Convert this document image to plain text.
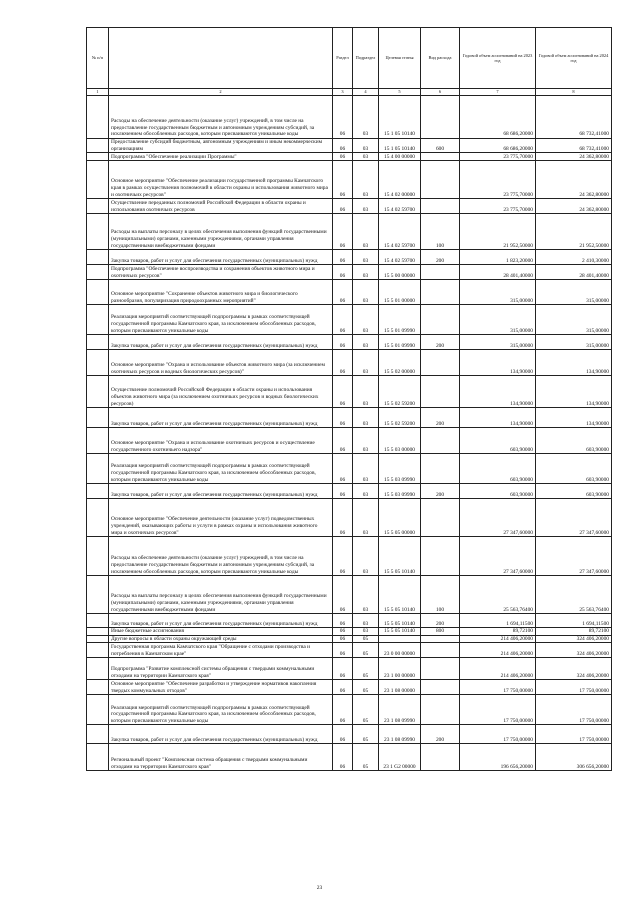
№ п/п		Раздел	Подраздел	Целевая статья	Вид расхода	Годовой объем ассигнований на 2023 год	Годовой объем ассигнований на 2024 год
1	2	3	4	5	6	7	8
	Расходы на обеспечение деятельности (оказание услуг) учреждений, в том числе на предоставление государственным бюджетным и автономным учреждениям субсидий, за исключением обособленных расходов, которым присваиваются уникальные коды	06	03	15 1 05 10140		68 686,20000	68 732,41000
	Предоставление субсидий бюджетным, автономным учреждениям и иным некоммерческим организациям	06	03	15 1 05 10140	600	68 686,20000	68 732,41000
	Подпрограмма "Обеспечение реализации Программы"	06	03	15 4 00 00000		23 775,70000	24 362,80000
	Основное мероприятие "Обеспечение реализации государственной программы Камчатского края в рамках осуществления полномочий в области охраны и использования животного мира и охотничьих ресурсов"	06	03	15 4 02 00000		23 775,70000	24 362,80000
	Осуществление переданных полномочий Российской Федерации в области охраны и использования охотничьих ресурсов	06	03	15 4 02 59700		23 775,70000	24 362,80000
	Расходы на выплаты персоналу в целях обеспечения выполнения функций государственными (муниципальными) органами, казенными учреждениями, органами управления государственными внебюджетными фондами	06	03	15 4 02 59700	100	21 952,50000	21 952,50000
	Закупка товаров, работ и услуг для обеспечения государственных (муниципальных) нужд	06	03	15 4 02 59700	200	1 823,20000	2 410,30000
	Подпрограмма "Обеспечение воспроизводства и сохранения объектов животного мира и охотничьих ресурсов"	06	03	15 5 00 00000		28 401,40000	28 401,40000
	Основное мероприятие "Сохранение объектов животного мира и биологического разнообразия, популяризация природоохранных мероприятий"	06	03	15 5 01 00000		315,00000	315,00000
	Реализация мероприятий соответствующей подпрограммы в рамках соответствующей государственной программы Камчатского края, за исключением обособленных расходов, которым присваиваются уникальные коды	06	03	15 5 01 09990		315,00000	315,00000
	Закупка товаров, работ и услуг для обеспечения государственных (муниципальных) нужд	06	03	15 5 01 09990	200	315,00000	315,00000
	Основное мероприятие "Охрана и использование объектов животного мира (за исключением охотничьих ресурсов и водных биологических ресурсов)"	06	03	15 5 02 00000		134,90000	134,90000
	Осуществление полномочий Российской Федерации в области охраны и использования объектов животного мира (за исключением охотничьих ресурсов и водных биологических ресурсов)	06	03	15 5 02 59200		134,90000	134,90000
	Закупка товаров, работ и услуг для обеспечения государственных (муниципальных) нужд	06	03	15 5 02 59200	200	134,90000	134,90000
	Основное мероприятие "Охрана и использование охотничьих ресурсов и осуществление государственного охотничьего надзора"	06	03	15 5 03 00000		603,90000	603,90000
	Реализация мероприятий соответствующей подпрограммы в рамках соответствующей государственной программы Камчатского края, за исключением обособленных расходов, которым присваиваются уникальные коды	06	03	15 5 03 09990		603,90000	603,90000
	Закупка товаров, работ и услуг для обеспечения государственных (муниципальных) нужд	06	03	15 5 03 09990	200	603,90000	603,90000
	Основное мероприятие "Обеспечение деятельности (оказание услуг) подведомственных учреждений, оказывающих работы и услуги в рамках охраны и использования животного мира и охотничьих ресурсов"	06	03	15 5 05 00000		27 347,60000	27 347,60000
	Расходы на обеспечение деятельности (оказание услуг) учреждений, в том числе на предоставление государственным бюджетным и автономным учреждениям субсидий, за исключением обособленных расходов, которым присваиваются уникальные коды	06	03	15 5 05 10140		27 347,60000	27 347,60000
	Расходы на выплаты персоналу в целях обеспечения выполнения функций государственными (муниципальными) органами, казенными учреждениями, органами управления государственными внебюджетными фондами	06	03	15 5 05 10140	100	25 563,76400	25 563,76400
	Закупка товаров, работ и услуг для обеспечения государственных (муниципальных) нужд	06	03	15 5 05 10140	200	1 694,11500	1 694,11500
	Иные бюджетные ассигнования	06	03	15 5 05 10140	800	89,72100	89,72100
	Другие вопросы в области охраны окружающей среды	06	05			214 406,20000	324 406,20000
	Государственная программа Камчатского края "Обращение с отходами производства и потребления в Камчатском крае"	06	05	23 0 00 00000		214 406,20000	324 406,20000
	Подпрограмма "Развитие комплексной системы обращения с твердыми коммунальными отходами на территории Камчатского края"	06	05	23 1 00 00000		214 406,20000	324 406,20000
	Основное мероприятие "Обеспечение разработки и утверждение нормативов накопления твердых коммунальных отходов"	06	05	23 1 08 00000		17 750,00000	17 750,00000
	Реализация мероприятий соответствующей подпрограммы в рамках соответствующей государственной программы Камчатского края, за исключением обособленных расходов, которым присваиваются уникальные коды	06	05	23 1 08 09990		17 750,00000	17 750,00000
	Закупка товаров, работ и услуг для обеспечения государственных (муниципальных) нужд	06	05	23 1 08 09990	200	17 750,00000	17 750,00000
	Региональный проект "Комплексная система обращения с твердыми коммунальными отходами на территории Камчатского края"	06	05	23 1 G2 00000		196 656,20000	306 656,20000
23
